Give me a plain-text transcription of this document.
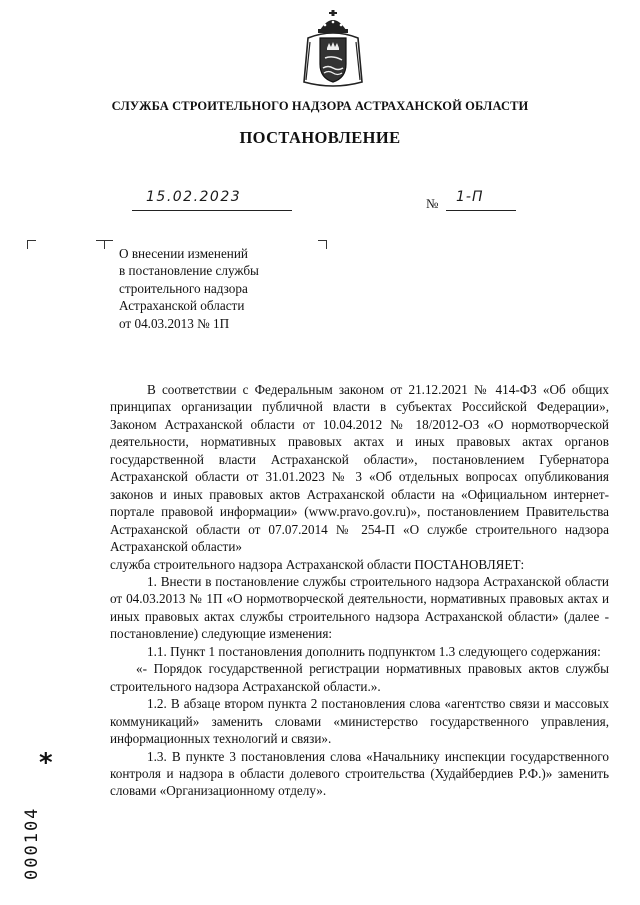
СЛУЖБА СТРОИТЕЛЬНОГО НАДЗОРА АСТРАХАНСКОЙ ОБЛАСТИ
ПОСТАНОВЛЕНИЕ
15.02.2023	№ 1-П
О внесении изменений
в постановление службы
строительного надзора
Астраханской области
от 04.03.2013 № 1П

В соответствии с Федеральным законом от 21.12.2021 № 414-ФЗ «Об общих принципах организации публичной власти в субъектах Российской Федерации», Законом Астраханской области от 10.04.2012 № 18/2012-ОЗ «О нормотворческой деятельности, нормативных правовых актах и иных правовых актах органов государственной власти Астраханской области», постановлением Губернатора Астраханской области от 31.01.2023 № 3 «Об отдельных вопросах опубликования законов и иных правовых актов Астраханской области на «Официальном интернет-портале правовой информации» (www.pravo.gov.ru)», постановлением Правительства Астраханской области от 07.07.2014 № 254-П «О службе строительного надзора Астраханской области»

служба строительного надзора Астраханской области ПОСТАНОВЛЯЕТ:

1. Внести в постановление службы строительного надзора Астраханской области от 04.03.2013 № 1П «О нормотворческой деятельности, нормативных правовых актах и иных правовых актах службы строительного надзора Астраханской области» (далее - постановление) следующие изменения:

1.1. Пункт 1 постановления дополнить подпунктом 1.3 следующего содержания:

«- Порядок государственной регистрации нормативных правовых актов службы строительного надзора Астраханской области.».

1.2. В абзаце втором пункта 2 постановления слова «агентство связи и массовых коммуникаций» заменить словами «министерство государственного управления, информационных технологий и связи».

1.3. В пункте 3 постановления слова «Начальнику инспекции государственного контроля и надзора в области долевого строительства (Худайбердиев Р.Ф.)» заменить словами «Организационному отделу».

*
000104
